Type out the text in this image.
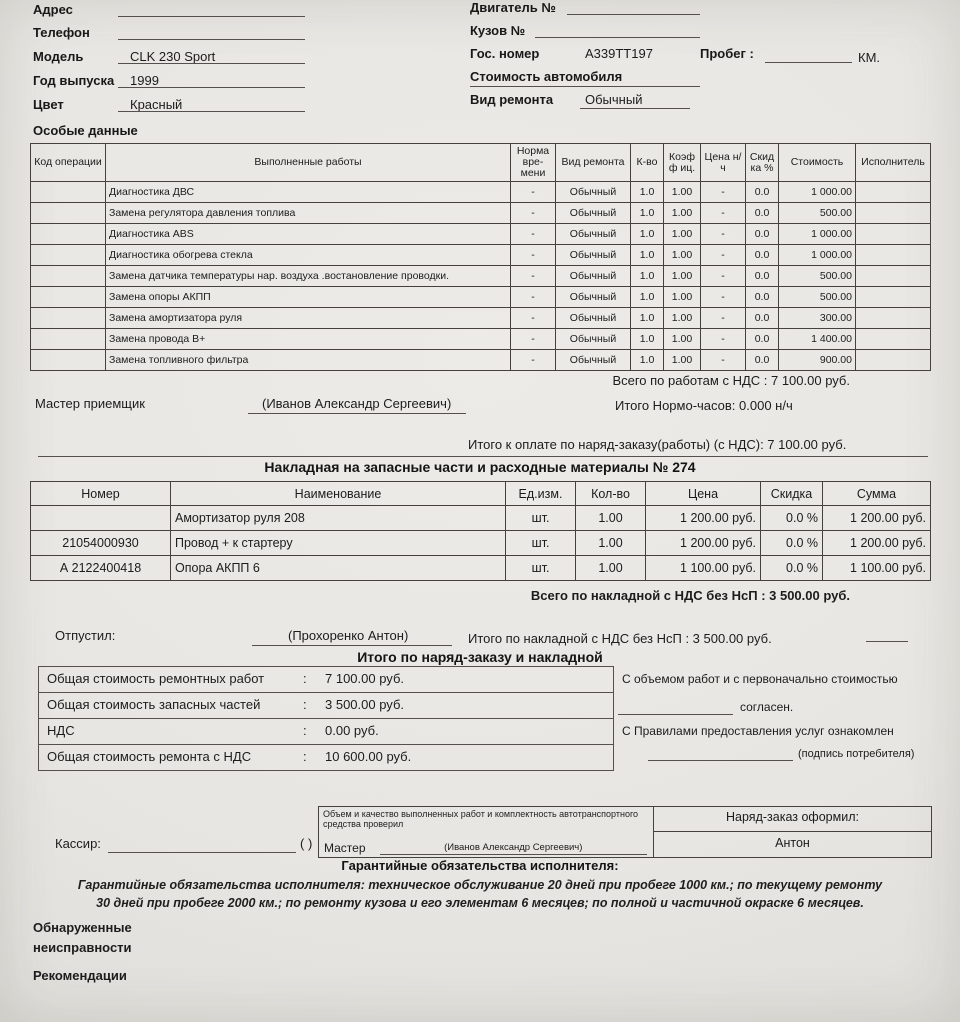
Адрес
Телефон
Модель	CLK 230 Sport
Год выпуска 1999
Цвет	Красный
Особые данные
Двигатель №
Кузов №
Гос. номер	А339ТТ197	Пробег :	КМ.
Стоимость автомобиля
Вид ремонта Обычный
Код операции	Выполненные работы	Норма вре-мени	Вид ремонта	К-во	Коэфф иц.	Цена н/ч	Скидка %	Стоимость	Исполнитель
	Диагностика ДВС	-	Обычный	1.0	1.00	-	0.0	1 000.00	
	Замена регулятора давления топлива	-	Обычный	1.0	1.00	-	0.0	500.00	
	Диагностика ABS	-	Обычный	1.0	1.00	-	0.0	1 000.00	
	Диагностика обогрева стекла	-	Обычный	1.0	1.00	-	0.0	1 000.00	
	Замена датчика температуры нар. воздуха .востановление проводки.	-	Обычный	1.0	1.00	-	0.0	500.00	
	Замена опоры АКПП	-	Обычный	1.0	1.00	-	0.0	500.00	
	Замена амортизатора руля	-	Обычный	1.0	1.00	-	0.0	300.00	
	Замена провода В+	-	Обычный	1.0	1.00	-	0.0	1 400.00	
	Замена топливного фильтра	-	Обычный	1.0	1.00	-	0.0	900.00	
Всего по работам с НДС : 7 100.00 руб.
Мастер приемщик	(Иванов Александр Сергеевич)	Итого Нормо-часов: 0.000 н/ч
Итого к оплате по наряд-заказу(работы) (с НДС): 7 100.00 руб.
Накладная на запасные части и расходные материалы № 274
Номер	Наименование	Ед.изм.	Кол-во	Цена	Скидка	Сумма
	Амортизатор руля 208	шт.	1.00	1 200.00 руб.	0.0 %	1 200.00 руб.
21054000930	Провод + к стартеру	шт.	1.00	1 200.00 руб.	0.0 %	1 200.00 руб.
А 2122400418	Опора АКПП 6	шт.	1.00	1 100.00 руб.	0.0 %	1 100.00 руб.
Всего по накладной с НДС без НсП : 3 500.00 руб.
Отпустил:	(Прохоренко Антон)	Итого по накладной с НДС без НсП : 3 500.00 руб.
Итого по наряд-заказу и накладной
Общая стоимость ремонтных работ	: 7 100.00 руб.
Общая стоимость запасных частей	: 3 500.00 руб.
НДС	: 0.00 руб.
Общая стоимость ремонта с НДС	: 10 600.00 руб.
С объемом работ и с первоначально стоимостью
согласен.
С Правилами предоставления услуг ознакомлен
(подпись потребителя)
Кассир:	( )
Объем и качество выполненных работ и комплектность автотранспортного средства проверил
Мастер	(Иванов Александр Сергеевич)
Наряд-заказ оформил:
Антон
Гарантийные обязательства исполнителя:
Гарантийные обязательства исполнителя: техническое обслуживание 20 дней при пробеге 1000 км.; по текущему ремонту 30 дней при пробеге 2000 км.; по ремонту кузова и его элементам 6 месяцев; по полной и частичной окраске 6 месяцев.
Обнаруженные неисправности
Рекомендации
